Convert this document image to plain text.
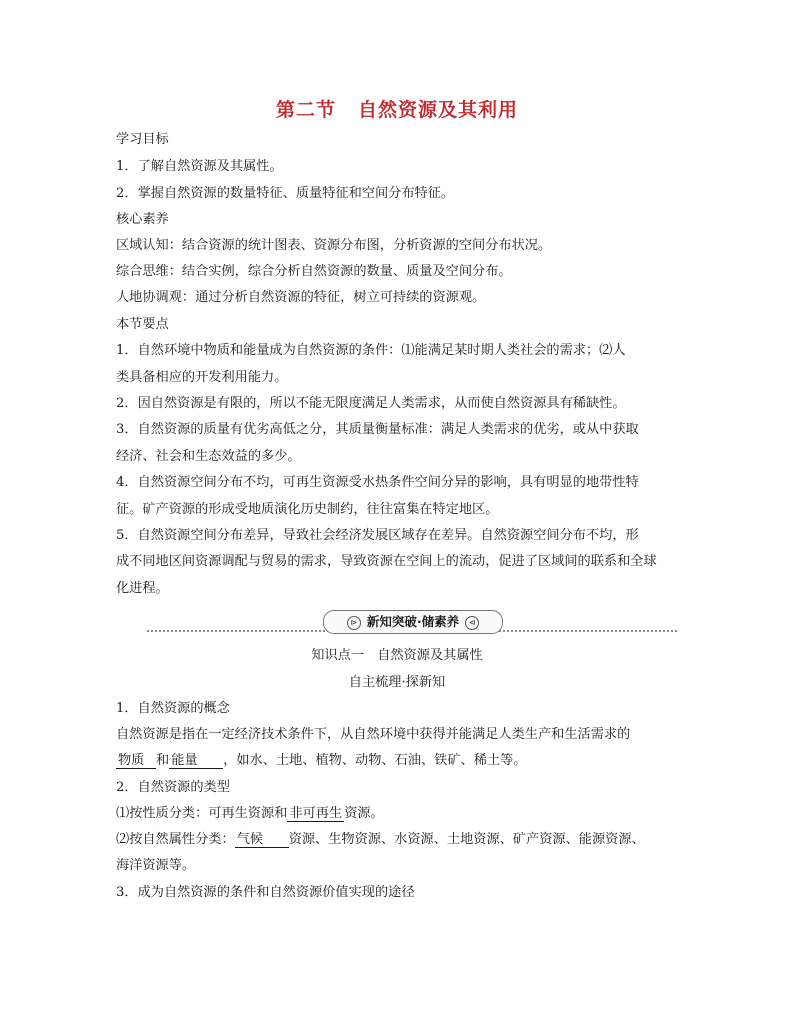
第二节 自然资源及其利用
学习目标
1．了解自然资源及其属性。
2．掌握自然资源的数量特征、质量特征和空间分布特征。
核心素养
区域认知：结合资源的统计图表、资源分布图，分析资源的空间分布状况。
综合思维：结合实例，综合分析自然资源的数量、质量及空间分布。
人地协调观：通过分析自然资源的特征，树立可持续的资源观。
本节要点
1．自然环境中物质和能量成为自然资源的条件：⑴能满足某时期人类社会的需求；⑵人
类具备相应的开发利用能力。
2．因自然资源是有限的，所以不能无限度满足人类需求，从而使自然资源具有稀缺性。
3．自然资源的质量有优劣高低之分，其质量衡量标准：满足人类需求的优劣，或从中获取
经济、社会和生态效益的多少。
4．自然资源空间分布不均，可再生资源受水热条件空间分异的影响，具有明显的地带性特
征。矿产资源的形成受地质演化历史制约，往往富集在特定地区。
5．自然资源空间分布差异，导致社会经济发展区域存在差异。自然资源空间分布不均，形
成不同地区间资源调配与贸易的需求，导致资源在空间上的流动，促进了区域间的联系和全球
化进程。
⊳ 新知突破·储素养 ⊲
知识点一　自然资源及其属性
自主梳理·探新知
1．自然资源的概念
自然资源是指在一定经济技术条件下，从自然环境中获得并能满足人类生产和生活需求的
物质 和 能量 ，如水、土地、植物、动物、石油、铁矿、稀土等。
2．自然资源的类型
⑴按性质分类：可再生资源和 非可再生 资源。
⑵按自然属性分类： 气候 资源、生物资源、水资源、土地资源、矿产资源、能源资源、
海洋资源等。
3．成为自然资源的条件和自然资源价值实现的途径
